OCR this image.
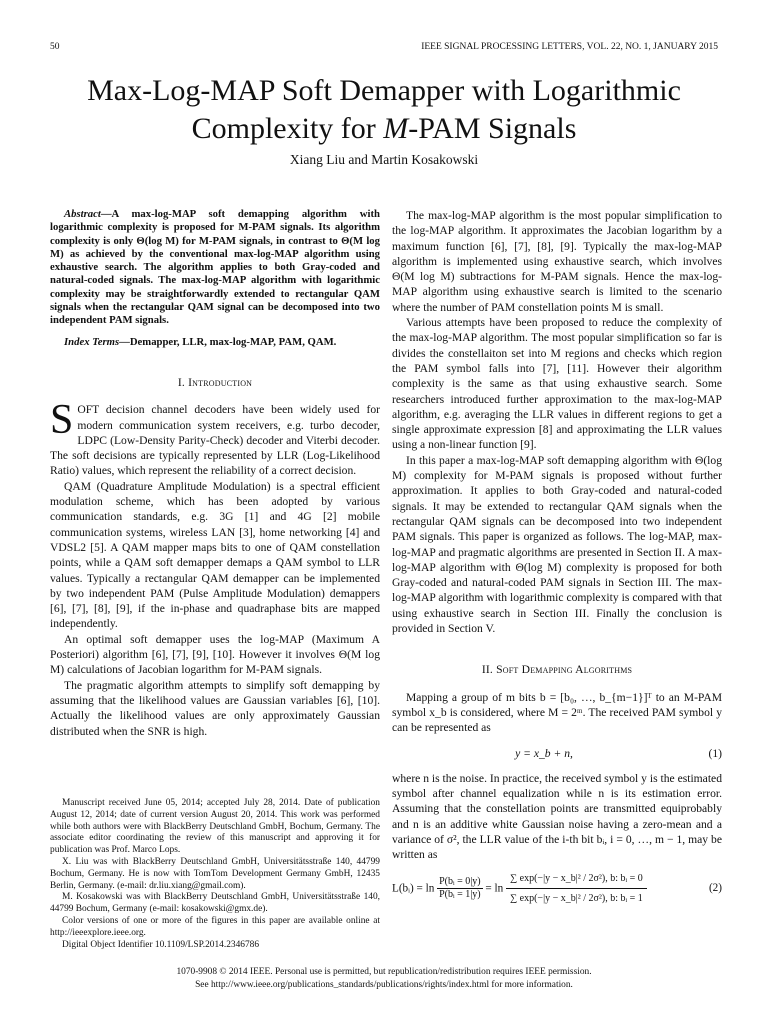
50	IEEE SIGNAL PROCESSING LETTERS, VOL. 22, NO. 1, JANUARY 2015
Max-Log-MAP Soft Demapper with Logarithmic
Complexity for M-PAM Signals
Xiang Liu and Martin Kosakowski

Abstract—A max-log-MAP soft demapping algorithm with logarithmic complexity is proposed for M-PAM signals. Its algorithm complexity is only Θ(log M) for M-PAM signals, in contrast to Θ(M log M) as achieved by the conventional max-log-MAP algorithm using exhaustive search. The algorithm applies to both Gray-coded and natural-coded signals. The max-log-MAP algorithm with logarithmic complexity may be straightforwardly extended to rectangular QAM signals when the rectangular QAM signal can be decomposed into two independent PAM signals.

Index Terms—Demapper, LLR, max-log-MAP, PAM, QAM.

I. Introduction

SOFT decision channel decoders have been widely used for modern communication system receivers, e.g. turbo decoder, LDPC (Low-Density Parity-Check) decoder and Viterbi decoder. The soft decisions are typically represented by LLR (Log-Likelihood Ratio) values, which represent the reliability of a correct decision.

QAM (Quadrature Amplitude Modulation) is a spectral efficient modulation scheme, which has been adopted by various communication standards, e.g. 3G [1] and 4G [2] mobile communication systems, wireless LAN [3], home networking [4] and VDSL2 [5]. A QAM mapper maps bits to one of QAM constellation points, while a QAM soft demapper demaps a QAM symbol to LLR values. Typically a rectangular QAM demapper can be implemented by two independent PAM (Pulse Amplitude Modulation) demappers [6], [7], [8], [9], if the in-phase and quadraphase bits are mapped independently.

An optimal soft demapper uses the log-MAP (Maximum A Posteriori) algorithm [6], [7], [9], [10]. However it involves Θ(M log M) calculations of Jacobian logarithm for M-PAM signals.

The pragmatic algorithm attempts to simplify soft demapping by assuming that the likelihood values are Gaussian variables [6], [10]. Actually the likelihood values are only approximately Gaussian distributed when the SNR is high.

Manuscript received June 05, 2014; accepted July 28, 2014. Date of publication August 12, 2014; date of current version August 20, 2014. This work was performed while both authors were with BlackBerry Deutschland GmbH, Bochum, Germany. The associate editor coordinating the review of this manuscript and approving it for publication was Prof. Marco Lops.

X. Liu was with BlackBerry Deutschland GmbH, Universitätsstraße 140, 44799 Bochum, Germany. He is now with TomTom Development Germany GmbH, 12435 Berlin, Germany. (e-mail: dr.liu.xiang@gmail.com).

M. Kosakowski was with BlackBerry Deutschland GmbH, Universitätsstraße 140, 44799 Bochum, Germany (e-mail: kosakowski@gmx.de).

Color versions of one or more of the figures in this paper are available online at http://ieeexplore.ieee.org.

Digital Object Identifier 10.1109/LSP.2014.2346786

The max-log-MAP algorithm is the most popular simplification to the log-MAP algorithm. It approximates the Jacobian logarithm by a maximum function [6], [7], [8], [9]. Typically the max-log-MAP algorithm is implemented using exhaustive search, which involves Θ(M log M) subtractions for M-PAM signals. Hence the max-log-MAP algorithm using exhaustive search is limited to the scenario where the number of PAM constellation points M is small.

Various attempts have been proposed to reduce the complexity of the max-log-MAP algorithm. The most popular simplification so far is divides the constellaiton set into M regions and checks which region the PAM symbol falls into [7], [11]. However their algorithm complexity is the same as that using exhaustive search. Some researchers introduced further approximation to the max-log-MAP algorithm, e.g. averaging the LLR values in different regions to get a single approximate expression [8] and approximating the LLR values using a non-linear function [9].

In this paper a max-log-MAP soft demapping algorithm with Θ(log M) complexity for M-PAM signals is proposed without further approximation. It applies to both Gray-coded and natural-coded signals. It may be extended to rectangular QAM signals when the rectangular QAM signals can be decomposed into two independent PAM signals. This paper is organized as follows. The log-MAP, max-log-MAP and pragmatic algorithms are presented in Section II. A max-log-MAP algorithm with Θ(log M) complexity is proposed for both Gray-coded and natural-coded PAM signals in Section III. The max-log-MAP algorithm with logarithmic complexity is compared with that using exhaustive search in Section III. Finally the conclusion is provided in Section V.

II. Soft Demapping Algorithms

Mapping a group of m bits b = [b₀, …, b_{m−1}]ᵀ to an M-PAM symbol x_b is considered, where M = 2ᵐ. The received PAM symbol y can be represented as

y = x_b + n,	(1)

where n is the noise. In practice, the received symbol y is the estimated symbol after channel equalization while n is its estimation error. Assuming that the constellation points are transmitted equiprobably and n is an additive white Gaussian noise having a zero-mean and a variance of σ², the LLR value of the i-th bit bᵢ, i = 0, …, m − 1, may be written as

L(bᵢ) = $\ln \frac{\text{P(bᵢ = 0|y)}}{\text{P(bᵢ = 1|y)}} = \ln \frac{\text{∑ exp(−|y − x\_b|² / 2σ²), b: bᵢ = 0}}{\text{∑ exp(−|y − x\_b|² / 2σ²), b: bᵢ = 1}}$	(2)
1070-9908 © 2014 IEEE. Personal use is permitted, but republication/redistribution requires IEEE permission.
See http://www.ieee.org/publications_standards/publications/rights/index.html for more information.
